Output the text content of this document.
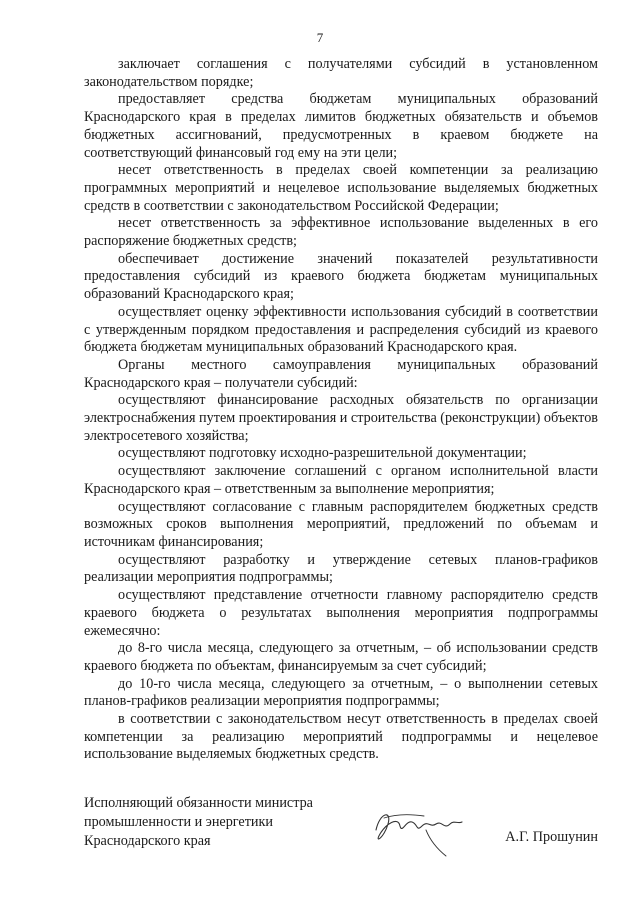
7

заключает соглашения с получателями субсидий в установленном законодательством порядке;

предоставляет средства бюджетам муниципальных образований Краснодарского края в пределах лимитов бюджетных обязательств и объемов бюджетных ассигнований, предусмотренных в краевом бюджете на соответствующий финансовый год ему на эти цели;

несет ответственность в пределах своей компетенции за реализацию программных мероприятий и нецелевое использование выделяемых бюджетных средств в соответствии с законодательством Российской Федерации;

несет ответственность за эффективное использование выделенных в его распоряжение бюджетных средств;

обеспечивает достижение значений показателей результативности предоставления субсидий из краевого бюджета бюджетам муниципальных образований Краснодарского края;

осуществляет оценку эффективности использования субсидий в соответствии с утвержденным порядком предоставления и распределения субсидий из краевого бюджета бюджетам муниципальных образований Краснодарского края.

Органы местного самоуправления муниципальных образований Краснодарского края – получатели субсидий:

осуществляют финансирование расходных обязательств по организации электроснабжения путем проектирования и строительства (реконструкции) объектов электросетевого хозяйства;

осуществляют подготовку исходно-разрешительной документации;

осуществляют заключение соглашений с органом исполнительной власти Краснодарского края – ответственным за выполнение мероприятия;

осуществляют согласование с главным распорядителем бюджетных средств возможных сроков выполнения мероприятий, предложений по объемам и источникам финансирования;

осуществляют разработку и утверждение сетевых планов-графиков реализации мероприятия подпрограммы;

осуществляют представление отчетности главному распорядителю средств краевого бюджета о результатах выполнения мероприятия подпрограммы ежемесячно:

до 8-го числа месяца, следующего за отчетным, – об использовании средств краевого бюджета по объектам, финансируемым за счет субсидий;

до 10-го числа месяца, следующего за отчетным, – о выполнении сетевых планов-графиков реализации мероприятия подпрограммы;

в соответствии с законодательством несут ответственность в пределах своей компетенции за реализацию мероприятий подпрограммы и нецелевое использование выделяемых бюджетных средств.

Исполняющий обязанности министра
промышленности и энергетики
Краснодарского края	А.Г. Прошунин
